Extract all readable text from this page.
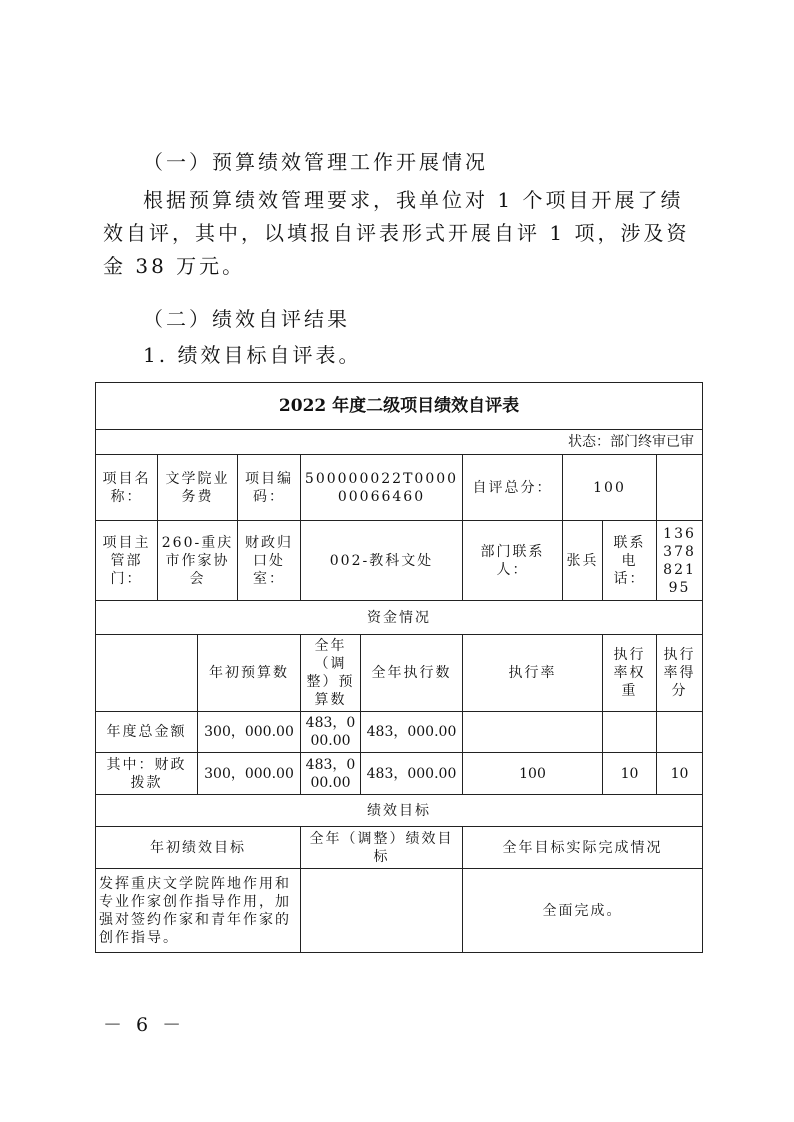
（一）预算绩效管理工作开展情况

根据预算绩效管理要求，我单位对 1 个项目开展了绩效自评，其中，以填报自评表形式开展自评 1 项，涉及资金 38 万元。

（二）绩效自评结果

1. 绩效目标自评表。

2022 年度二级项目绩效自评表									
状态：部门终审已审									
项目名称：	文学院业务费		项目编码：	500000022T000000066460		自评总分：	100		
项目主管部门：	260-重庆市作家协会		财政归口处室：	002-教科文处		部门联系人：	张兵	联系电话：	13637882195
资金情况									
		年初预算数		全年（调整）预算数	全年执行数	执行率		执行率权重	执行率得分
年度总金额		300，000.00		483，000.00	483，000.00				
其中：财政拨款		300，000.00		483，000.00	483，000.00	100		10	10
绩效目标									
年初绩效目标				全年（调整）绩效目标		全年目标实际完成情况			
发挥重庆文学院阵地作用和专业作家创作指导作用，加强对签约作家和青年作家的创作指导。						全面完成。			
－ 6 －
